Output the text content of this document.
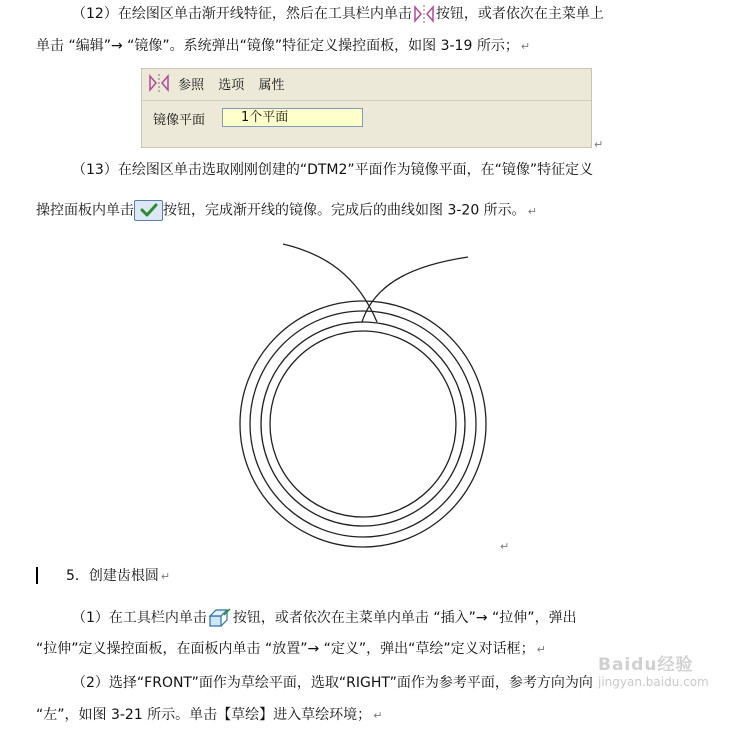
（12）在绘图区单击渐开线特征，然后在工具栏内单击 按钮，或者依次在主菜单上
单击 “编辑”→ “镜像”。系统弹出“镜像”特征定义操控面板，如图 3-19 所示； ↵
参照 选项 属性
镜像平面	1个平面
↵
（13）在绘图区单击选取刚刚创建的“DTM2”平面作为镜像平面，在“镜像”特征定义
操控面板内单击 按钮，完成渐开线的镜像。完成后的曲线如图 3-20 所示。 ↵
↵
5．创建齿根圆 ↵
（1）在工具栏内单击 按钮，或者依次在主菜单内单击 “插入”→ “拉伸”，弹出
“拉伸”定义操控面板，在面板内单击 “放置”→ “定义”，弹出“草绘”定义对话框； ↵
（2）选择“FRONT”面作为草绘平面，选取“RIGHT”面作为参考平面，参考方向为向
“左”，如图 3-21 所示。单击【草绘】进入草绘环境； ↵
Baidu经验
jingyan.baidu.com
